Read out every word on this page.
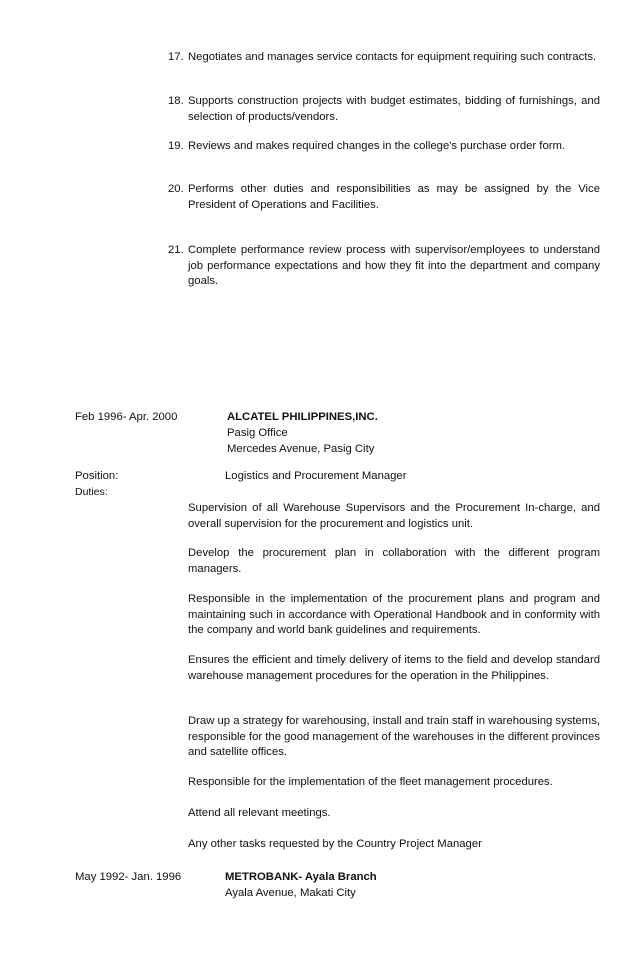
17. Negotiates and manages service contacts for equipment requiring such contracts.
18. Supports construction projects with budget estimates, bidding of furnishings, and selection of products/vendors.
19. Reviews and makes required changes in the college's purchase order form.
20. Performs other duties and responsibilities as may be assigned by the Vice President of Operations and Facilities.
21. Complete performance review process with supervisor/employees to understand job performance expectations and how they fit into the department and company goals.
Feb 1996- Apr. 2000	ALCATEL PHILIPPINES,INC.
Pasig Office
Mercedes Avenue, Pasig City
Position:	Logistics and Procurement Manager
Duties:
Supervision of all Warehouse Supervisors and the Procurement In-charge, and overall supervision for the procurement and logistics unit.
Develop the procurement plan in collaboration with the different program managers.
Responsible in the implementation of the procurement plans and program and maintaining such in accordance with Operational Handbook and in conformity with the company and world bank guidelines and requirements.
Ensures the efficient and timely delivery of items to the field and develop standard warehouse management procedures for the operation in the Philippines.
Draw up a strategy for warehousing, install and train staff in warehousing systems, responsible for the good management of the warehouses in the different provinces and satellite offices.
Responsible for the implementation of the fleet management procedures.
Attend all relevant meetings.
Any other tasks requested by the Country Project Manager
May 1992- Jan. 1996	METROBANK- Ayala Branch
Ayala Avenue, Makati City
